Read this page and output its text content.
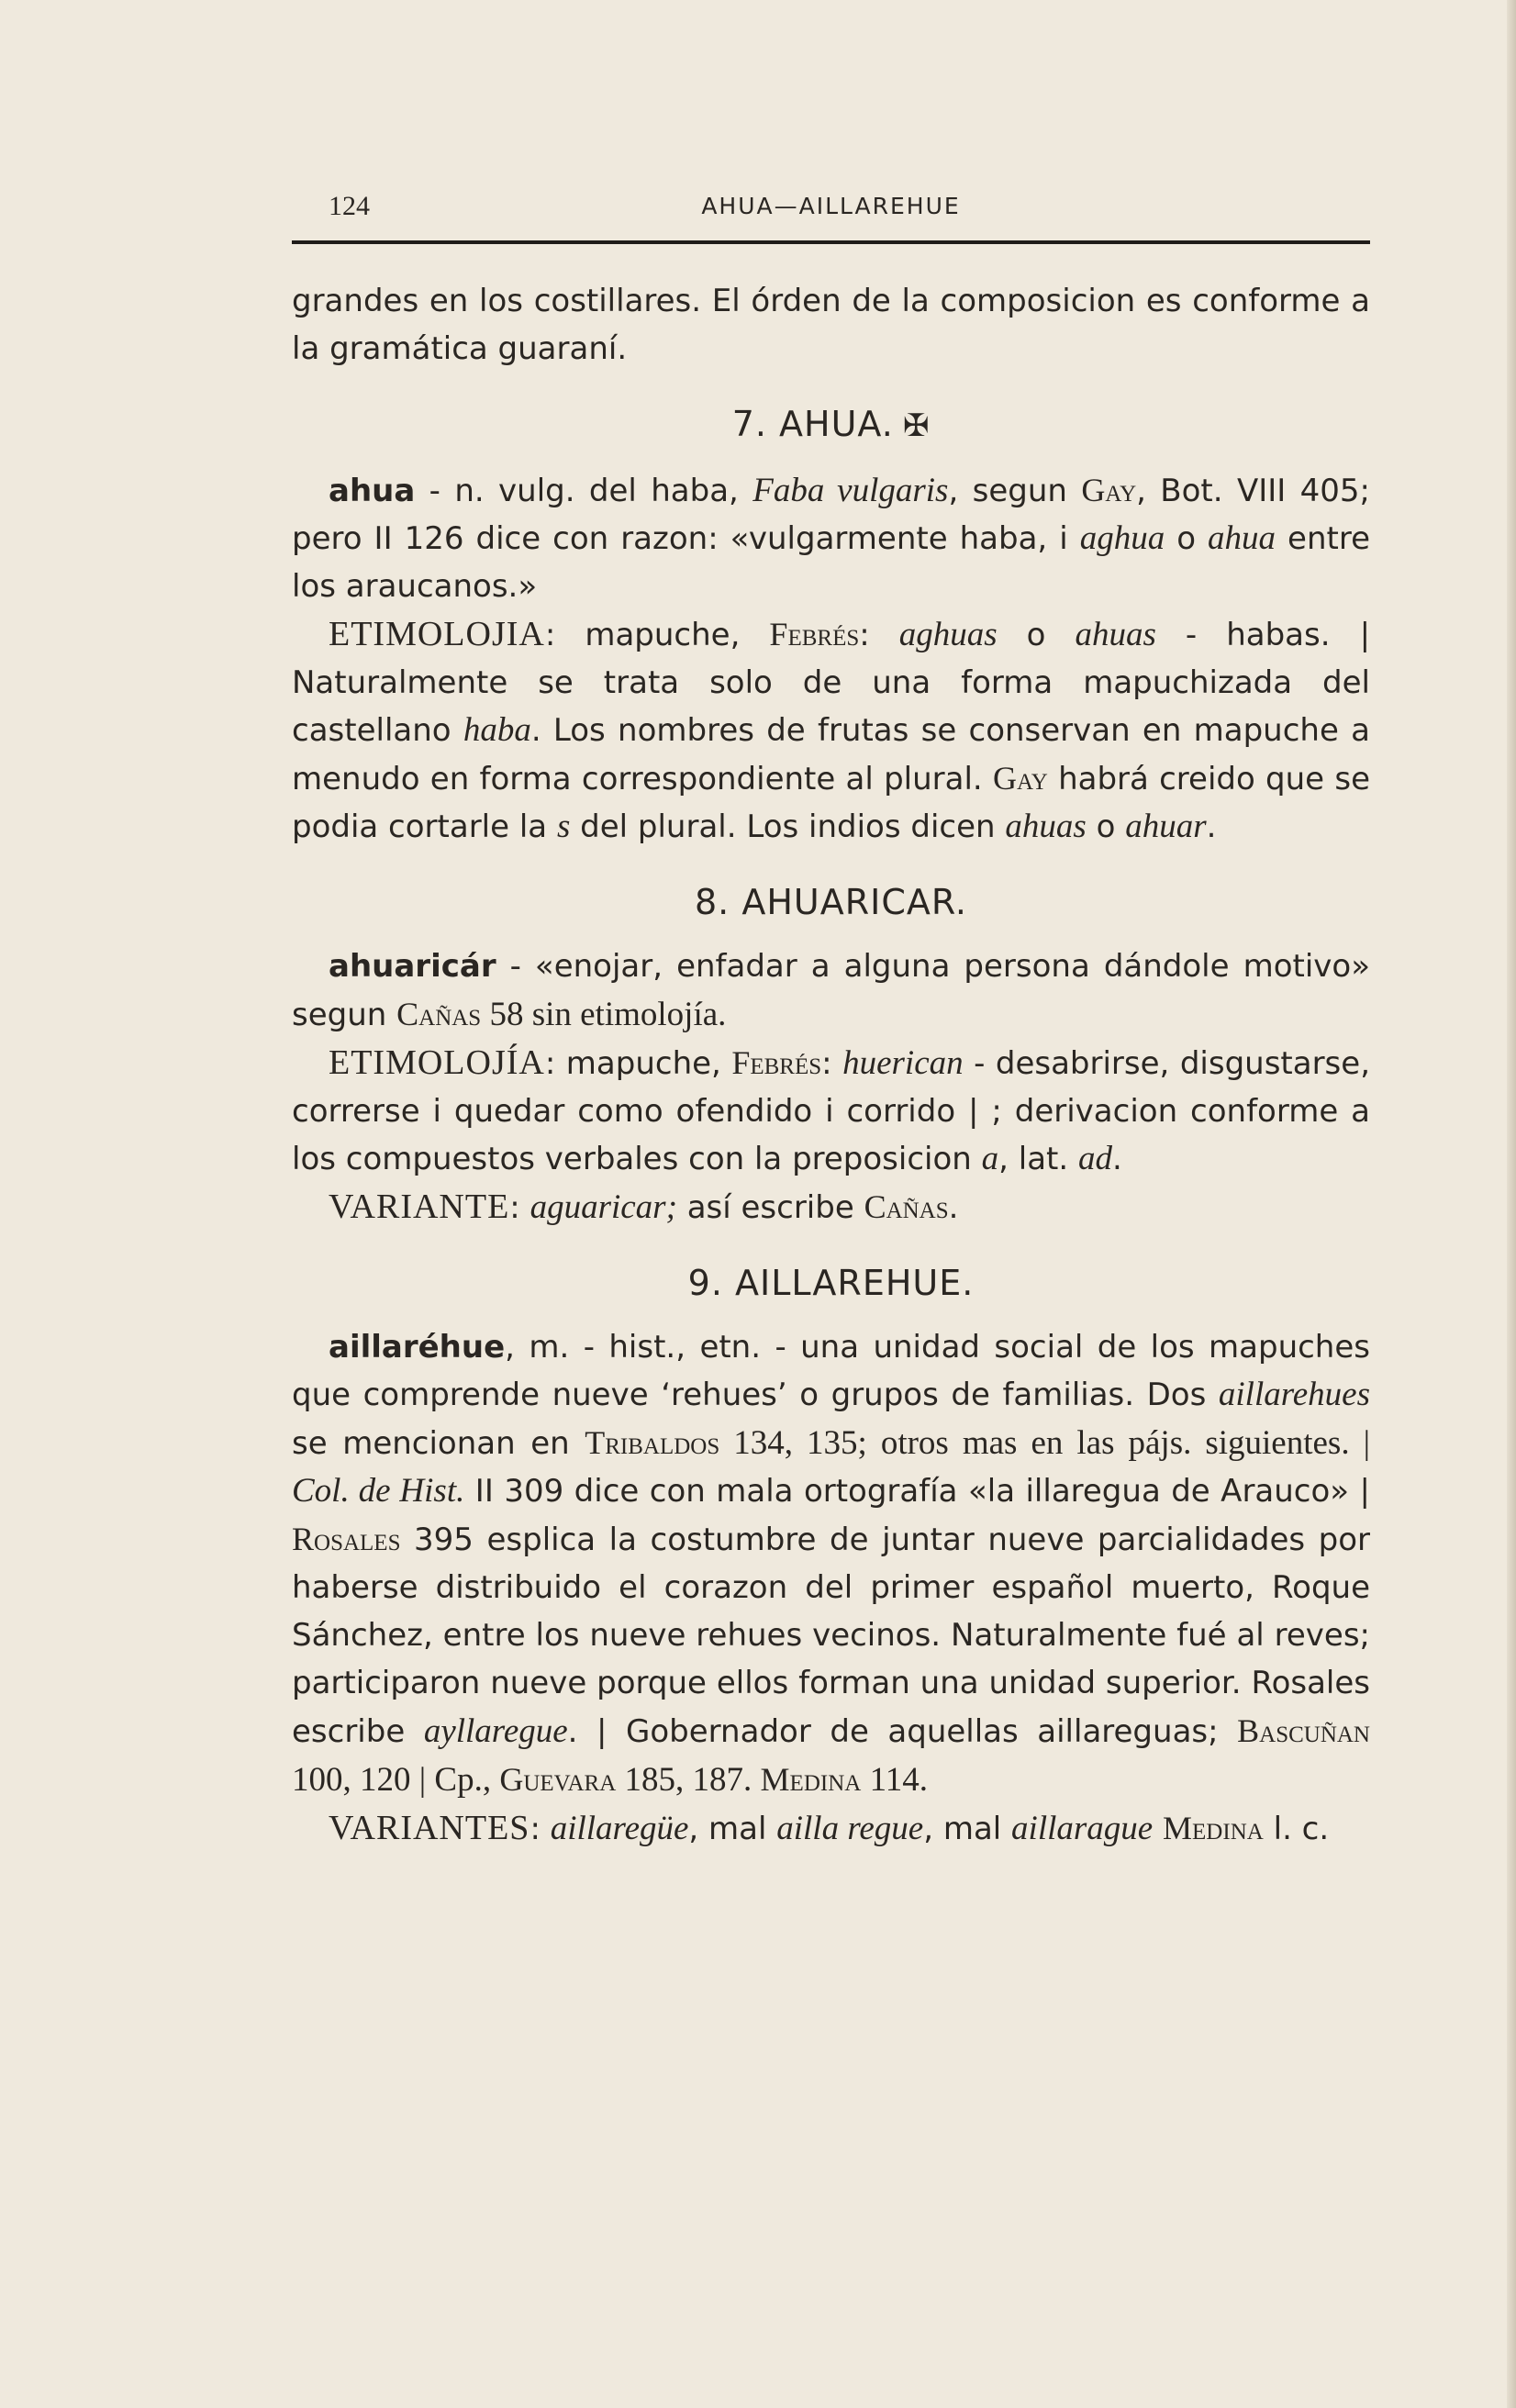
124	AHUA—AILLAREHUE

grandes en los costillares. El órden de la composicion es conforme a la gramática guaraní.

7. AHUA. ✠

ahua - n. vulg. del haba, Faba vulgaris, segun Gay, Bot. VIII 405; pero II 126 dice con razon: «vulgarmente haba, i aghua o ahua entre los araucanos.»

ETIMOLOJIA: mapuche, Febrés: aghuas o ahuas - habas. | Naturalmente se trata solo de una forma mapuchizada del castellano haba. Los nombres de frutas se conservan en mapuche a menudo en forma correspondiente al plural. Gay habrá creido que se podia cortarle la s del plural. Los indios dicen ahuas o ahuar.

8. AHUARICAR.

ahuaricár - «enojar, enfadar a alguna persona dándole motivo» segun Cañas 58 sin etimolojía.

ETIMOLOJÍA: mapuche, Febrés: huerican - desabrirse, disgustarse, correrse i quedar como ofendido i corrido | ; derivacion conforme a los compuestos verbales con la preposicion a, lat. ad.

VARIANTE: aguaricar; así escribe Cañas.

9. AILLAREHUE.

aillaréhue, m. - hist., etn. - una unidad social de los mapuches que comprende nueve ‘rehues’ o grupos de familias. Dos aillarehues se mencionan en Tribaldos 134, 135; otros mas en las pájs. siguientes. | Col. de Hist. II 309 dice con mala ortografía «la illaregua de Arauco» | Rosales 395 esplica la costumbre de juntar nueve parcialidades por haberse distribuido el corazon del primer español muerto, Roque Sánchez, entre los nueve rehues vecinos. Naturalmente fué al reves; participaron nueve porque ellos forman una unidad superior. Rosales escribe ayllaregue. | Gobernador de aquellas aillareguas; Bascuñan 100, 120 | Cp., Guevara 185, 187. Medina 114.

VARIANTES: aillaregüe, mal ailla regue, mal aillarague Medina l. c.
